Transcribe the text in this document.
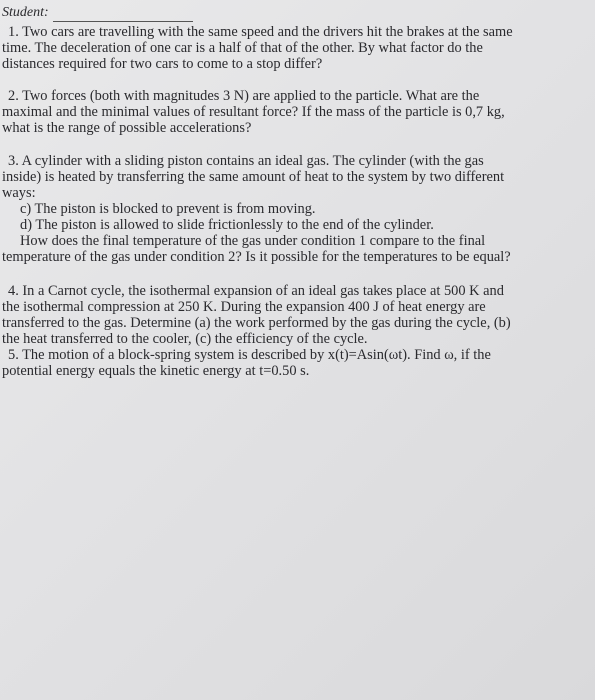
Student:
1. Two cars are travelling with the same speed and the drivers hit the brakes at the same
time. The deceleration of one car is a half of that of the other. By what factor do the
distances required for two cars to come to a stop differ?
2. Two forces (both with magnitudes 3 N) are applied to the particle. What are the
maximal and the minimal values of resultant force? If the mass of the particle is 0,7 kg,
what is the range of possible accelerations?
3. A cylinder with a sliding piston contains an ideal gas. The cylinder (with the gas
inside) is heated by transferring the same amount of heat to the system by two different
ways:
c) The piston is blocked to prevent is from moving.
d) The piston is allowed to slide frictionlessly to the end of the cylinder.
How does the final temperature of the gas under condition 1 compare to the final
temperature of the gas under condition 2? Is it possible for the temperatures to be equal?
4. In a Carnot cycle, the isothermal expansion of an ideal gas takes place at 500 K and
the isothermal compression at 250 K. During the expansion 400 J of heat energy are
transferred to the gas. Determine (a) the work performed by the gas during the cycle, (b)
the heat transferred to the cooler, (c) the efficiency of the cycle.
5. The motion of a block-spring system is described by x(t)=Asin(ωt). Find ω, if the
potential energy equals the kinetic energy at t=0.50 s.
